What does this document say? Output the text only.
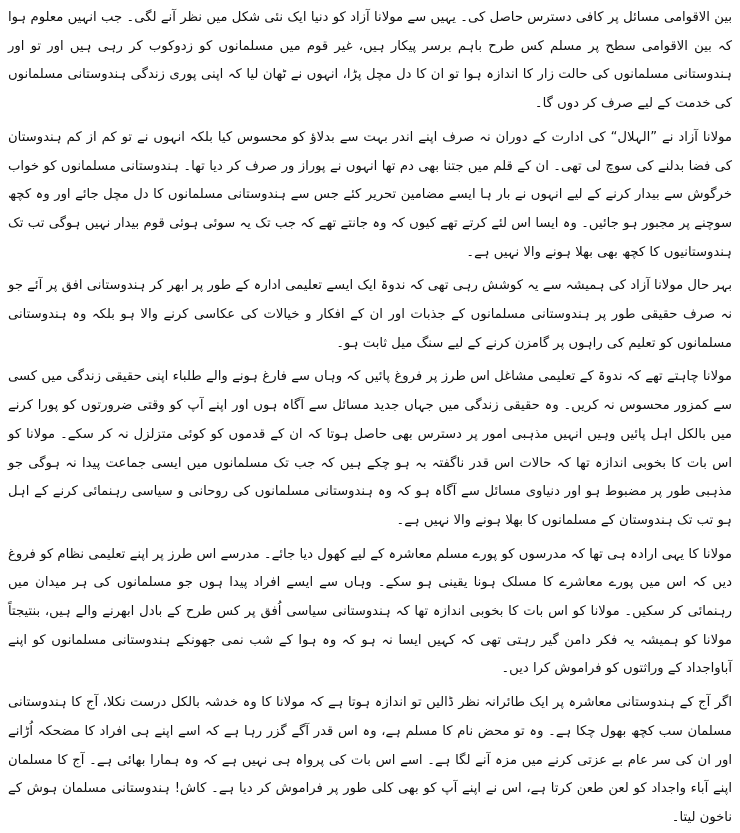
بین الاقوامی مسائل پر کافی دسترس حاصل کی۔ یہیں سے مولانا آزاد کو دنیا ایک نئی شکل میں نظر آنے لگی۔ جب انہیں معلوم ہوا کہ بین الاقوامی سطح پر مسلم کس طرح باہم برسر پیکار ہیں، غیر قوم میں مسلمانوں کو زدوکوب کر رہی ہیں اور تو اور ہندوستانی مسلمانوں کی حالت زار کا اندازہ ہوا تو ان کا دل مچل پڑا، انہوں نے ٹھان لیا کہ اپنی پوری زندگی ہندوستانی مسلمانوں کی خدمت کے لیے صرف کر دوں گا۔

مولانا آزاد نے ”الہلال“ کی ادارت کے دوران نہ صرف اپنے اندر بہت سے بدلاؤ کو محسوس کیا بلکہ انہوں نے تو کم از کم ہندوستان کی فضا بدلنے کی سوچ لی تھی۔ ان کے قلم میں جتنا بھی دم تھا انہوں نے پوراز ور صرف کر دیا تھا۔ ہندوستانی مسلمانوں کو خواب خرگوش سے بیدار کرنے کے لیے انہوں نے بار ہا ایسے مضامین تحریر کئے جس سے ہندوستانی مسلمانوں کا دل مچل جائے اور وہ کچھ سوچنے پر مجبور ہو جائیں۔ وہ ایسا اس لئے کرتے تھے کیوں کہ وہ جانتے تھے کہ جب تک یہ سوئی ہوئی قوم بیدار نہیں ہوگی تب تک ہندوستانیوں کا کچھ بھی بھلا ہونے والا نہیں ہے۔

بہر حال مولانا آزاد کی ہمیشہ سے یہ کوشش رہی تھی کہ ندوۃ ایک ایسے تعلیمی ادارہ کے طور پر ابھر کر ہندوستانی افق پر آئے جو نہ صرف حقیقی طور پر ہندوستانی مسلمانوں کے جذبات اور ان کے افکار و خیالات کی عکاسی کرنے والا ہو بلکہ وہ ہندوستانی مسلمانوں کو تعلیم کی راہوں پر گامزن کرنے کے لیے سنگ میل ثابت ہو۔

مولانا چاہتے تھے کہ ندوۃ کے تعلیمی مشاغل اس طرز پر فروغ پائیں کہ وہاں سے فارغ ہونے والے طلباء اپنی حقیقی زندگی میں کسی سے کمزور محسوس نہ کریں۔ وہ حقیقی زندگی میں جہاں جدید مسائل سے آگاہ ہوں اور اپنے آپ کو وقتی ضرورتوں کو پورا کرنے میں بالکل اہل پائیں وہیں انہیں مذہبی امور پر دسترس بھی حاصل ہوتا کہ ان کے قدموں کو کوئی متزلزل نہ کر سکے۔ مولانا کو اس بات کا بخوبی اندازہ تھا کہ حالات اس قدر ناگفتہ بہ ہو چکے ہیں کہ جب تک مسلمانوں میں ایسی جماعت پیدا نہ ہوگی جو مذہبی طور پر مضبوط ہو اور دنیاوی مسائل سے آگاہ ہو کہ وہ ہندوستانی مسلمانوں کی روحانی و سیاسی رہنمائی کرنے کے اہل ہو تب تک ہندوستان کے مسلمانوں کا بھلا ہونے والا نہیں ہے۔

مولانا کا یہی ارادہ ہی تھا کہ مدرسوں کو پورے مسلم معاشرہ کے لیے کھول دیا جائے۔ مدرسے اس طرز پر اپنے تعلیمی نظام کو فروغ دیں کہ اس میں پورے معاشرے کا مسلک ہونا یقینی ہو سکے۔ وہاں سے ایسے افراد پیدا ہوں جو مسلمانوں کی ہر میدان میں رہنمائی کر سکیں۔ مولانا کو اس بات کا بخوبی اندازہ تھا کہ ہندوستانی سیاسی اُفق پر کس طرح کے بادل ابھرنے والے ہیں، بنتیجتاً مولانا کو ہمیشہ یہ فکر دامن گیر رہتی تھی کہ کہیں ایسا نہ ہو کہ وہ ہوا کے شب نمی جھونکے ہندوستانی مسلمانوں کو اپنے آباواجداد کے وراثتوں کو فراموش کرا دیں۔

اگر آج کے ہندوستانی معاشرہ پر ایک طائرانہ نظر ڈالیں تو اندازہ ہوتا ہے کہ مولانا کا وہ خدشہ بالکل درست نکلا، آج کا ہندوستانی مسلمان سب کچھ بھول چکا ہے۔ وہ تو محض نام کا مسلم ہے، وہ اس قدر آگے گزر رہا ہے کہ اسے اپنے ہی افراد کا مضحکہ اُڑانے اور ان کی سر عام بے عزتی کرنے میں مزہ آنے لگا ہے۔ اسے اس بات کی پرواہ ہی نہیں ہے کہ وہ ہمارا بھائی ہے۔ آج کا مسلمان اپنے آباء واجداد کو لعن طعن کرتا ہے، اس نے اپنے آپ کو بھی کلی طور پر فراموش کر دیا ہے۔ کاش! ہندوستانی مسلمان ہوش کے ناخون لیتا۔
